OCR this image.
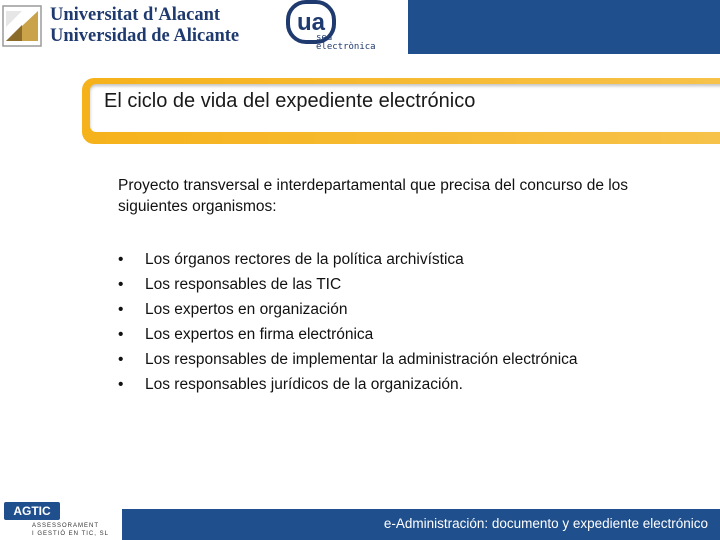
Universitat d'Alacant
Universidad de Alicante ua
seu
electrònica
El ciclo de vida del expediente electrónico
Proyecto transversal e interdepartamental que precisa del concurso de los siguientes organismos:
• Los órganos rectores de la política archivística
• Los responsables de las TIC
• Los expertos en organización
• Los expertos en firma electrónica
• Los responsables de implementar la administración electrónica
• Los responsables jurídicos de la organización.
AGTIC
ASSESSORAMENT
I GESTIÓ EN TIC, SL
e-Administración: documento y expediente electrónico
